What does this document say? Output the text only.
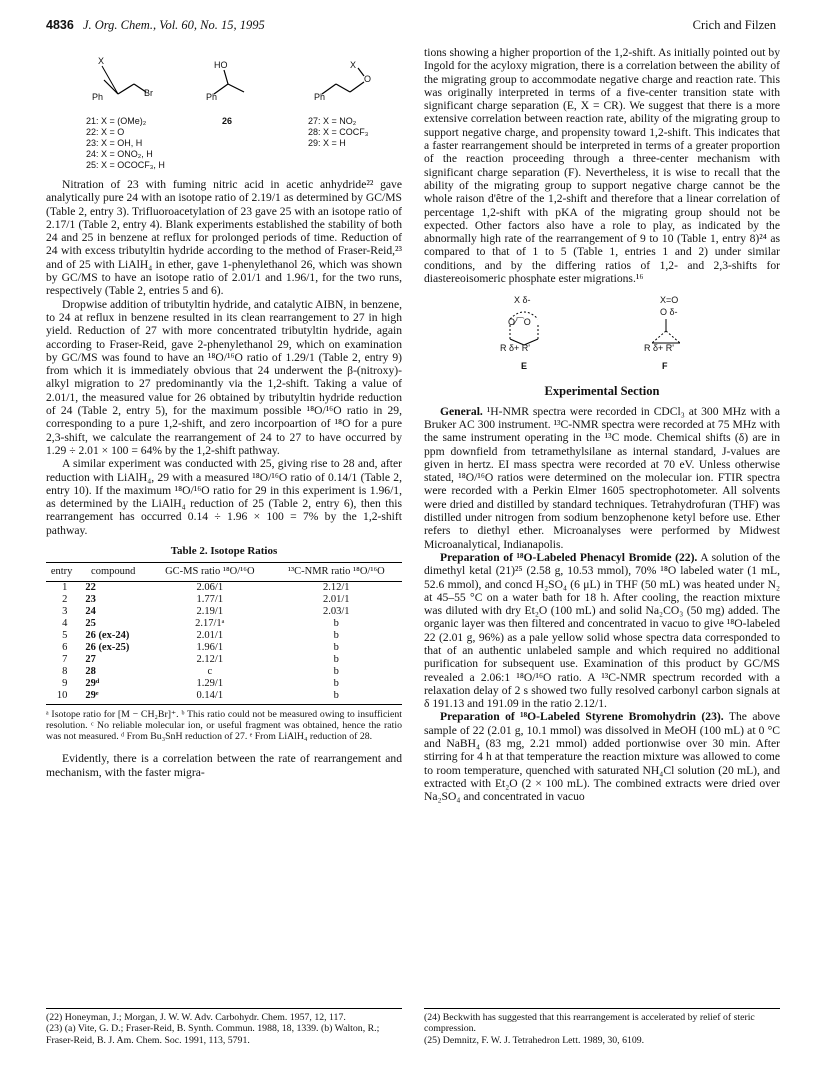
4836 J. Org. Chem., Vol. 60, No. 15, 1995	Crich and Filzen
X
Ph	Br
HO
Ph
X
O
Ph
21: X = (OMe)₂
22: X = O
23: X = OH, H
24: X = ONO₂, H
25: X = OCOCF₃, H
26	27: X = NO₂
28: X = COCF₃
29: X = H

Nitration of 23 with fuming nitric acid in acetic anhydride²² gave analytically pure 24 with an isotope ratio of 2.19/1 as determined by GC/MS (Table 2, entry 3). Trifluoroacetylation of 23 gave 25 with an isotope ratio of 2.17/1 (Table 2, entry 4). Blank experiments established the stability of both 24 and 25 in benzene at reflux for prolonged periods of time. Reduction of 24 with excess tributyltin hydride according to the method of Fraser-Reid,²³ and of 25 with LiAlH₄ in ether, gave 1-phenylethanol 26, which was shown by GC/MS to have an isotope ratio of 2.01/1 and 1.96/1, for the two runs, respectively (Table 2, entries 5 and 6).

Dropwise addition of tributyltin hydride, and catalytic AIBN, in benzene, to 24 at reflux in benzene resulted in its clean rearrangement to 27 in high yield. Reduction of 27 with more concentrated tributyltin hydride, again according to Fraser-Reid, gave 2-phenylethanol 29, which on examination by GC/MS was found to have an ¹⁸O/¹⁶O ratio of 1.29/1 (Table 2, entry 9) from which it is immediately obvious that 24 underwent the β-(nitroxy)-alkyl migration to 27 predominantly via the 1,2-shift. Taking a value of 2.01/1, the measured value for 26 obtained by tributyltin hydride reduction of 24 (Table 2, entry 5), for the maximum possible ¹⁸O/¹⁶O ratio in 29, corresponding to a pure 1,2-shift, and zero incorpoartion of ¹⁸O for a pure 2,3-shift, we calculate the rearrangement of 24 to 27 to have occurred by 1.29 ÷ 2.01 × 100 = 64% by the 1,2-shift pathway.

A similar experiment was conducted with 25, giving rise to 28 and, after reduction with LiAlH₄, 29 with a measured ¹⁸O/¹⁶O ratio of 0.14/1 (Table 2, entry 10). If the maximum ¹⁸O/¹⁶O ratio for 29 in this experiment is 1.96/1, as determined by the LiAlH₄ reduction of 25 (Table 2, entry 6), then this rearrangement has occurred 0.14 ÷ 1.96 × 100 = 7% by the 1,2-shift pathway.

Table 2. Isotope Ratios
entry	compound	GC-MS ratio ¹⁸O/¹⁶O	¹³C-NMR ratio ¹⁸O/¹⁶O
1	22	2.06/1	2.12/1
2	23	1.77/1	2.01/1
3	24	2.19/1	2.03/1
4	25	2.17/1ᵃ	b
5	26 (ex-24)	2.01/1	b
6	26 (ex-25)	1.96/1	b
7	27	2.12/1	b
8	28	c	b
9	29ᵈ	1.29/1	b
10	29ᵉ	0.14/1	b
ᵃ Isotope ratio for [M − CH₂Br]⁺. ᵇ This ratio could not be measured owing to insufficient resolution. ᶜ No reliable molecular ion, or useful fragment was obtained, hence the ratio was not measured. ᵈ From Bu₃SnH reduction of 27. ᵉ From LiAlH₄ reduction of 28.

Evidently, there is a correlation between the rate of rearrangement and mechanism, with the faster migra-

(22) Honeyman, J.; Morgan, J. W. W. Adv. Carbohydr. Chem. 1957, 12, 117.
(23) (a) Vite, G. D.; Fraser-Reid, B. Synth. Commun. 1988, 18, 1339. (b) Walton, R.; Fraser-Reid, B. J. Am. Chem. Soc. 1991, 113, 5791.

tions showing a higher proportion of the 1,2-shift. As initially pointed out by Ingold for the acyloxy migration, there is a correlation between the ability of the migrating group to accommodate negative charge and reaction rate. This was originally interpreted in terms of a five-center transition state with significant charge separation (E, X = CR). We suggest that there is a more extensive correlation between reaction rate, ability of the migrating group to support negative charge, and propensity toward 1,2-shift. This indicates that a faster rearrangement should be interpreted in terms of a greater proportion of the reaction proceeding through a three-center mechanism with significant charge separation (F). Nevertheless, it is wise to recall that the ability of the migrating group to support negative charge cannot be the whole raison d'être of the 1,2-shift and therefore that a linear correlation of percentage 1,2-shift with pKA of the migrating group should not be expected. Other factors also have a role to play, as indicated by the abnormally high rate of the rearrangement of 9 to 10 (Table 1, entry 8)²⁴ as compared to that of 1 to 5 (Table 1, entries 1 and 2) under similar conditions, and by the differing ratios of 1,2- and 2,3-shifts for diastereoisomeric phosphate ester migrations.¹⁶

X δ-
O⁄⁀O
R δ+ R'
E
X=O
O δ-
R δ+ R'
F
Experimental Section

General. ¹H-NMR spectra were recorded in CDCl₃ at 300 MHz with a Bruker AC 300 instrument. ¹³C-NMR spectra were recorded at 75 MHz with the same instrument operating in the ¹³C mode. Chemical shifts (δ) are in ppm downfield from tetramethylsilane as internal standard, J-values are given in hertz. EI mass spectra were recorded at 70 eV. Unless otherwise stated, ¹⁸O/¹⁶O ratios were determined on the molecular ion. FTIR spectra were recorded with a Perkin Elmer 1605 spectrophotometer. All solvents were dried and distilled by standard techniques. Tetrahydrofuran (THF) was distilled under nitrogen from sodium benzophenone ketyl before use. Ether refers to diethyl ether. Microanalyses were performed by Midwest Microanalytical, Indianapolis.

Preparation of ¹⁸O-Labeled Phenacyl Bromide (22). A solution of the dimethyl ketal (21)²⁵ (2.58 g, 10.53 mmol), 70% ¹⁸O labeled water (1 mL, 52.6 mmol), and concd H₂SO₄ (6 μL) in THF (50 mL) was heated under N₂ at 45–55 °C on a water bath for 18 h. After cooling, the reaction mixture was diluted with dry Et₂O (100 mL) and solid Na₂CO₃ (50 mg) added. The organic layer was then filtered and concentrated in vacuo to give ¹⁸O-labeled 22 (2.01 g, 96%) as a pale yellow solid whose spectra data corresponded to that of an authentic unlabeled sample and which required no additional purification for subsequent use. Examination of this product by GC/MS revealed a 2.06:1 ¹⁸O/¹⁶O ratio. A ¹³C-NMR spectrum recorded with a relaxation delay of 2 s showed two fully resolved carbonyl carbon signals at δ 191.13 and 191.09 in the ratio 2.12/1.

Preparation of ¹⁸O-Labeled Styrene Bromohydrin (23). The above sample of 22 (2.01 g, 10.1 mmol) was dissolved in MeOH (100 mL) at 0 °C and NaBH₄ (83 mg, 2.21 mmol) added portionwise over 30 min. After stirring for 4 h at that temperature the reaction mixture was allowed to come to room temperature, quenched with saturated NH₄Cl solution (20 mL), and extracted with Et₂O (2 × 100 mL). The combined extracts were dried over Na₂SO₄ and concentrated in vacuo

(24) Beckwith has suggested that this rearrangement is accelerated by relief of steric compression.
(25) Demnitz, F. W. J. Tetrahedron Lett. 1989, 30, 6109.
